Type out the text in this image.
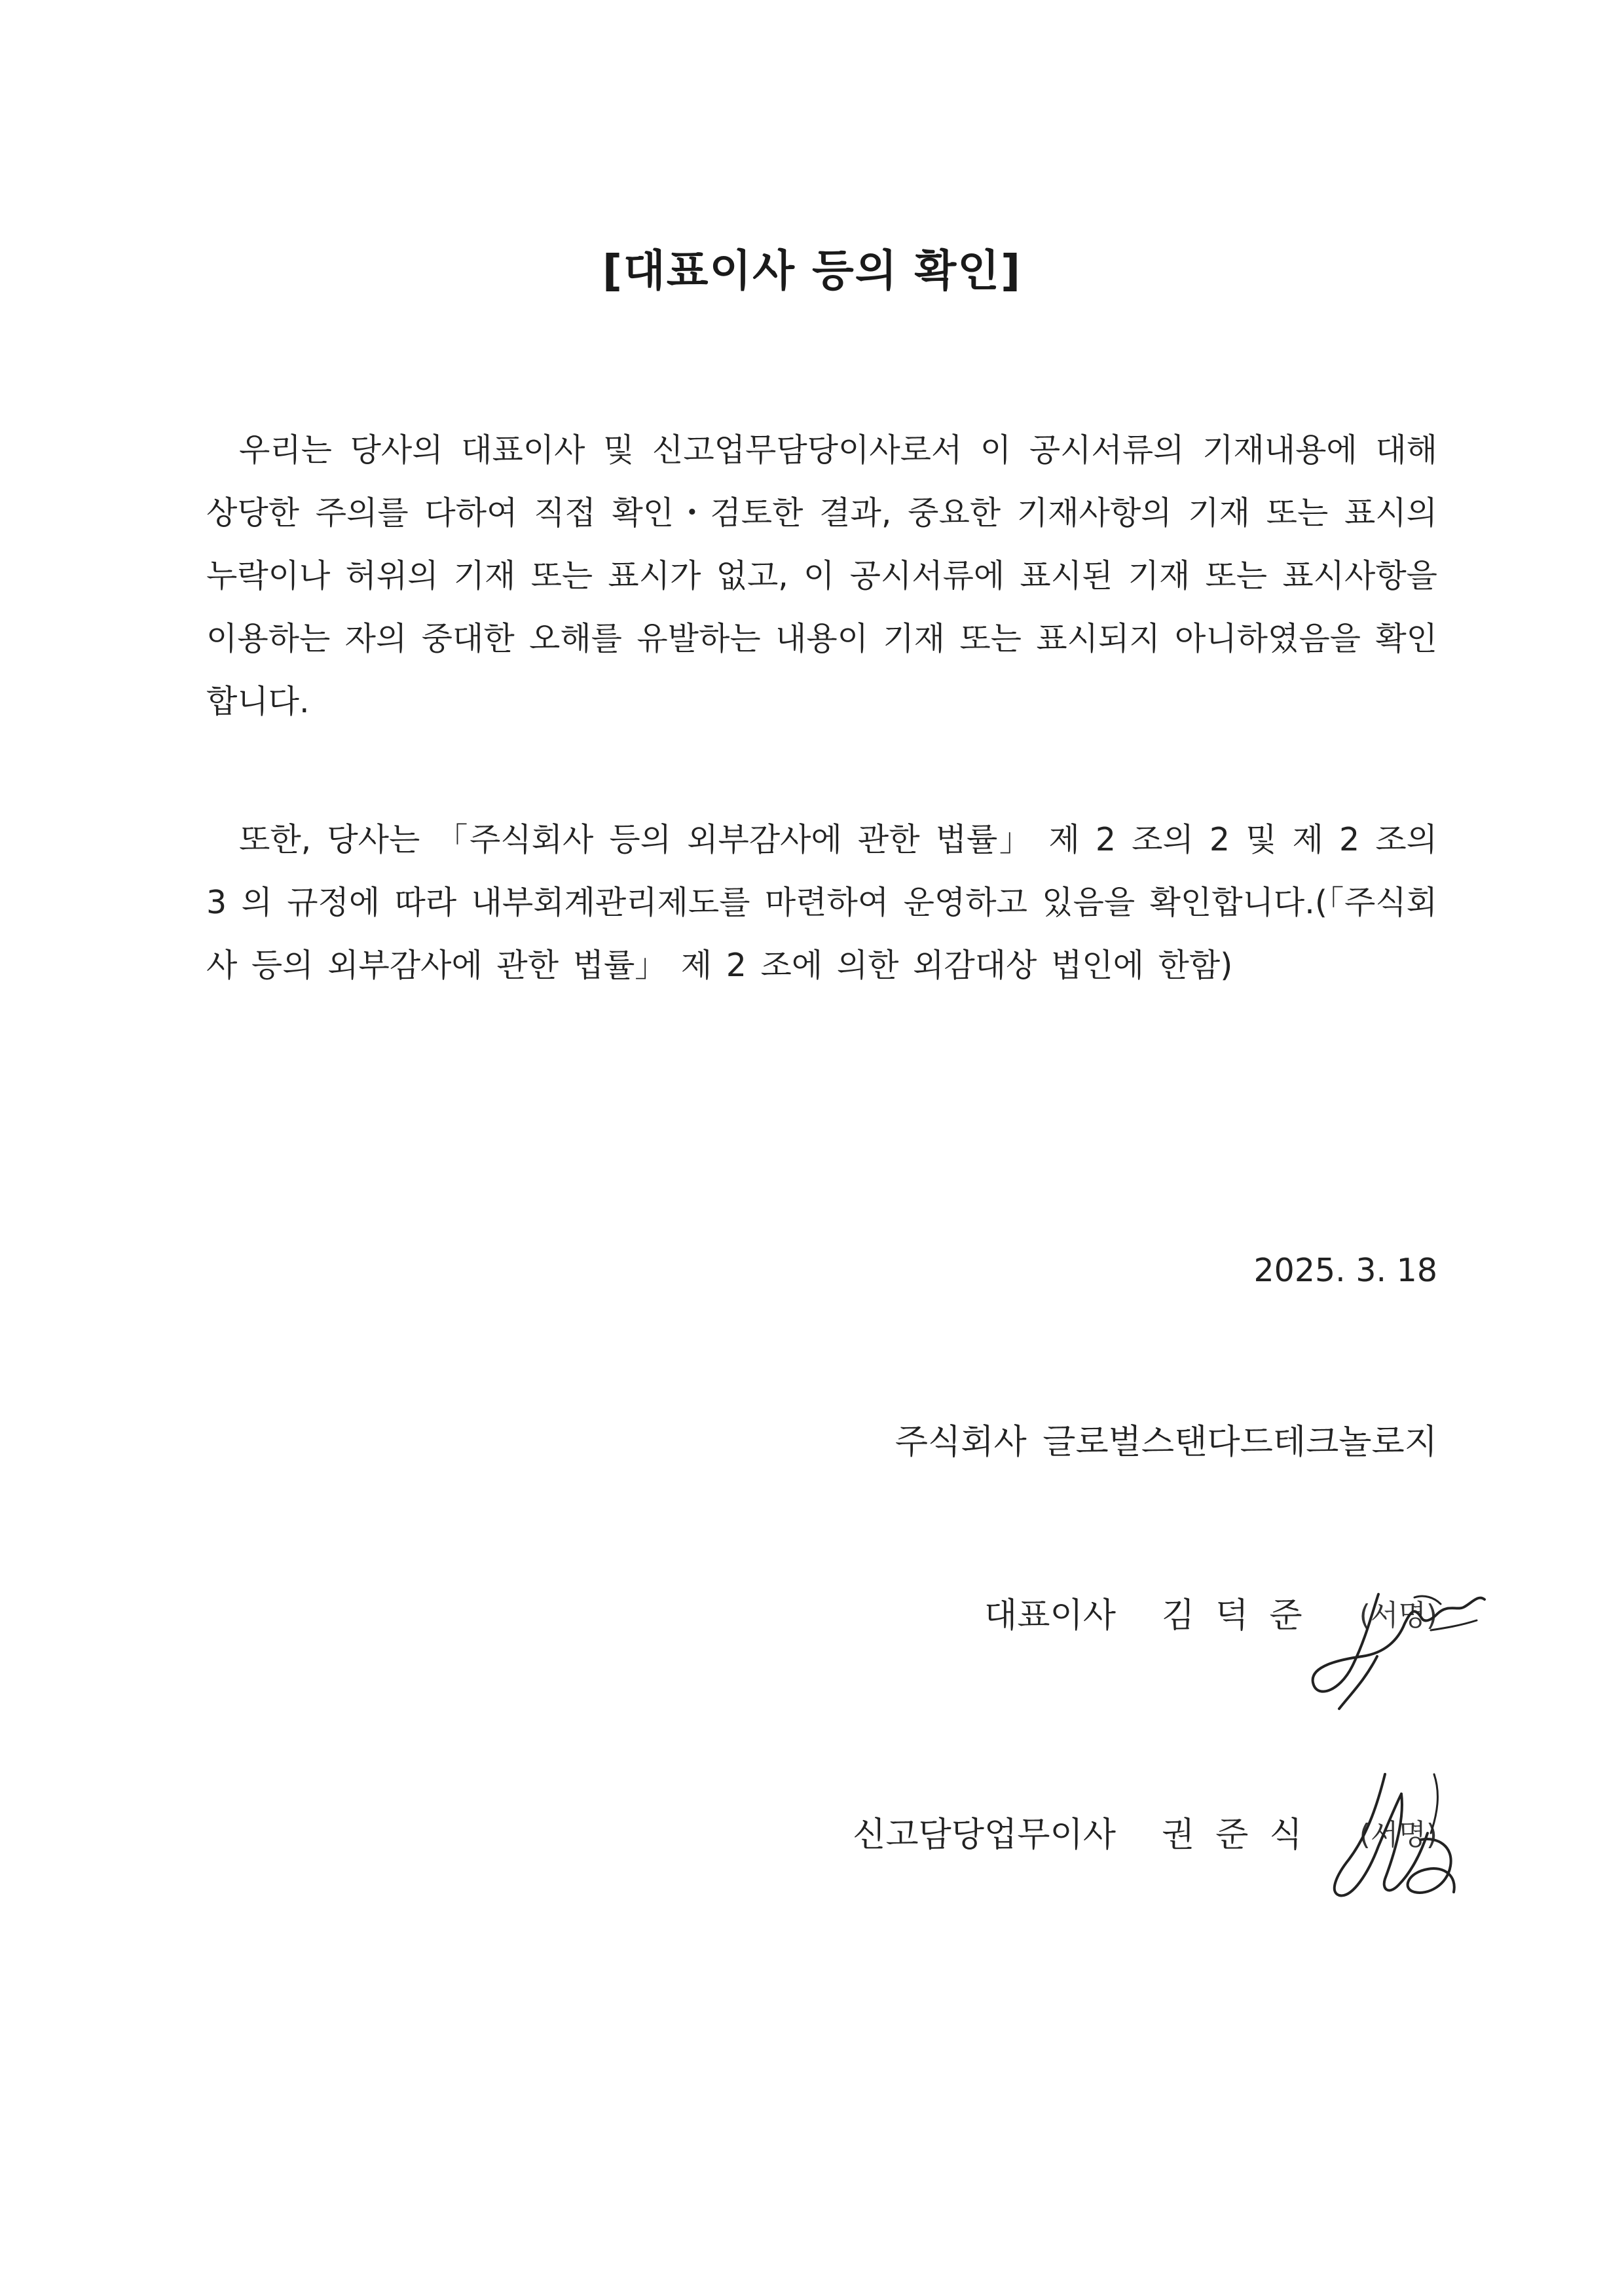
[대표이사 등의 확인]

우리는 당사의 대표이사 및 신고업무담당이사로서 이 공시서류의 기재내용에 대해 상당한 주의를 다하여 직접 확인・검토한 결과, 중요한 기재사항의 기재 또는 표시의 누락이나 허위의 기재 또는 표시가 없고, 이 공시서류에 표시된 기재 또는 표시사항을 이용하는 자의 중대한 오해를 유발하는 내용이 기재 또는 표시되지 아니하였음을 확인합니다.

또한, 당사는 「주식회사 등의 외부감사에 관한 법률」 제 2 조의 2 및 제 2 조의 3 의 규정에 따라 내부회계관리제도를 마련하여 운영하고 있음을 확인합니다.(「주식회사 등의 외부감사에 관한 법률」 제 2 조에 의한 외감대상 법인에 한함)

2025. 3. 18
주식회사 글로벌스탠다드테크놀로지
대표이사 김덕준 (서명)
신고담당업무이사 권준식 (서명)
